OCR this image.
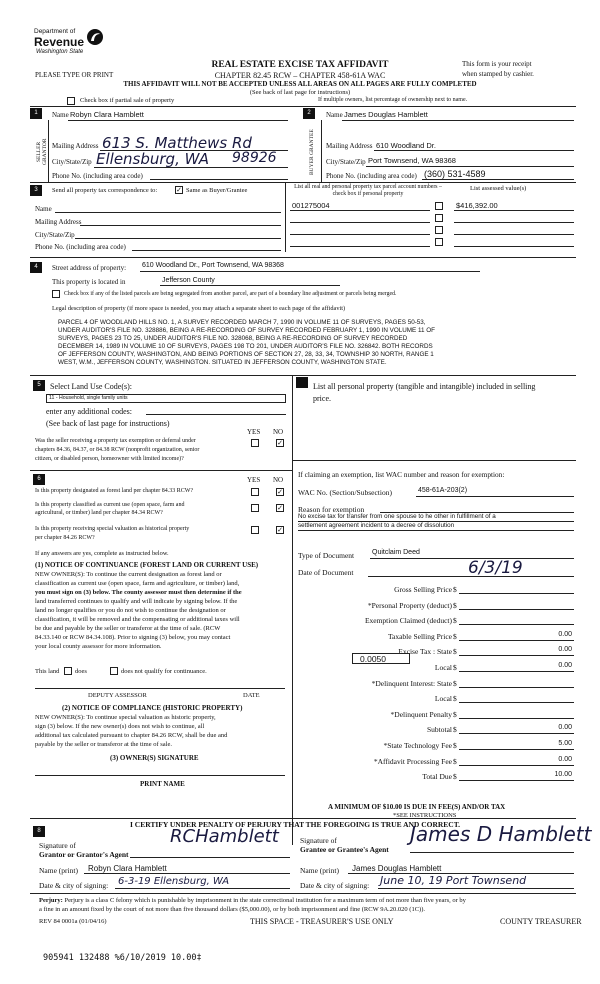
Department of
Revenue
Washington State
REAL ESTATE EXCISE TAX AFFIDAVIT
CHAPTER 82.45 RCW – CHAPTER 458-61A WAC
THIS AFFIDAVIT WILL NOT BE ACCEPTED UNLESS ALL AREAS ON ALL PAGES ARE FULLY COMPLETED
(See back of last page for instructions)
This form is your receipt
when stamped by cashier.
PLEASE TYPE OR PRINT
Check box if partial sale of property	If multiple owners, list percentage of ownership next to name.
1
SELLER GRANTOR
Name Robyn Clara Hamblett
Mailing Address 613 S. Matthews Rd
City/State/Zip Ellensburg, WA 98926
Phone No. (including area code)
2
BUYER GRANTEE
Name James Douglas Hamblett
Mailing Address 610 Woodland Dr.
City/State/Zip Port Townsend, WA 98368
Phone No. (including area code) (360) 531-4589
3	Send all property tax correspondence to:	✓ Same as Buyer/Grantee	List all real and personal property tax parcel account numbers – check box if personal property
List assessed value(s)
Name
Mailing Address
City/State/Zip
Phone No. (including area code)
001275004	$416,392.00
4	Street address of property: 610 Woodland Dr., Port Townsend, WA 98368
This property is located in	Jefferson County
Check box if any of the listed parcels are being segregated from another parcel, are part of a boundary line adjustment or parcels being merged.
Legal description of property (if more space is needed, you may attach a separate sheet to each page of the affidavit)
PARCEL 4 OF WOODLAND HILLS NO. 1, A SURVEY RECORDED MARCH 7, 1990 IN VOLUME 11 OF SURVEYS, PAGES 50-53,
UNDER AUDITOR'S FILE NO. 328886, BEING A RE-RECORDING OF SURVEY RECORDED FEBRUARY 1, 1990 IN VOLUME 11 OF
SURVEYS, PAGES 23 TO 25, UNDER AUDITOR'S FILE NO. 328068, BEING A RE-RECORDING OF SURVEY RECORDED
DECEMBER 14, 1989 IN VOLUME 10 OF SURVEYS, PAGES 198 TO 201, UNDER AUDITOR'S FILE NO. 326842. BOTH RECORDS
OF JEFFERSON COUNTY, WASHINGTON, AND BEING PORTIONS OF SECTION 27, 28, 33, 34, TOWNSHIP 30 NORTH, RANGE 1
WEST, W.M., JEFFERSON COUNTY, WASHINGTON. SITUATED IN JEFFERSON COUNTY, WASHINGTON STATE.
5	Select Land Use Code(s):
11 - Household, single family units
enter any additional codes:
(See back of last page for instructions)
YES NO
Was the seller receiving a property tax exemption or deferral under
chapters 84.36, 84.37, or 84.38 RCW (nonprofit organization, senior
citizen, or disabled person, homeowner with limited income)?
✓
List all personal property (tangible and intangible) included in selling
price.
6	YES NO
Is this property designated as forest land per chapter 84.33 RCW?	✓
Is this property classified as current use (open space, farm and
agricultural, or timber) land per chapter 84.34 RCW?
✓
Is this property receiving special valuation as historical property
per chapter 84.26 RCW?
✓
If any answers are yes, complete as instructed below.
(1) NOTICE OF CONTINUANCE (FOREST LAND OR CURRENT USE)
NEW OWNER(S): To continue the current designation as forest land or
classification as current use (open space, farm and agriculture, or timber) land,
you must sign on (3) below. The county assessor must then determine if the
land transferred continues to qualify and will indicate by signing below. If the
land no longer qualifies or you do not wish to continue the designation or
classification, it will be removed and the compensating or additional taxes will
be due and payable by the seller or transferor at the time of sale. (RCW
84.33.140 or RCW 84.34.108). Prior to signing (3) below, you may contact
your local county assessor for more information.
This land does	does not qualify for continuance.
DEPUTY ASSESSOR	DATE
(2) NOTICE OF COMPLIANCE (HISTORIC PROPERTY)
NEW OWNER(S): To continue special valuation as historic property,
sign (3) below. If the new owner(s) does not wish to continue, all
additional tax calculated pursuant to chapter 84.26 RCW, shall be due and
payable by the seller or transferor at the time of sale.
(3) OWNER(S) SIGNATURE
PRINT NAME
If claiming an exemption, list WAC number and reason for exemption:
WAC No. (Section/Subsection)	458-61A-203(2)
Reason for exemption
No excise tax for transfer from one spouse to he other in fulfillment of a
settlement agreement incident to a decree of dissolution
Type of Document	Quitclaim Deed
Date of Document	6/3/19
Gross Selling Price $
*Personal Property (deduct) $
Exemption Claimed (deduct) $
Taxable Selling Price $	0.00
Excise Tax : State $	0.00
Local $	0.00
*Delinquent Interest: State $
Local $
*Delinquent Penalty $
Subtotal $	0.00
*State Technology Fee $	5.00
*Affidavit Processing Fee $	0.00
Total Due $	10.00
0.0050
A MINIMUM OF $10.00 IS DUE IN FEE(S) AND/OR TAX
*SEE INSTRUCTIONS
8
I CERTIFY UNDER PENALTY OF PERJURY THAT THE FOREGOING IS TRUE AND CORRECT.
Signature of
Grantor or Grantor's Agent
RCHamblett
Name (print) Robyn Clara Hamblett
Date & city of signing: 6-3-19 Ellensburg, WA
Signature of
Grantee or Grantee's Agent
James D Hamblett
Name (print) James Douglas Hamblett
Date & city of signing: June 10, 19 Port Townsend
Perjury: Perjury is a class C felony which is punishable by imprisonment in the state correctional institution for a maximum term of not more than five years, or by
a fine in an amount fixed by the court of not more than five thousand dollars ($5,000.00), or by both imprisonment and fine (RCW 9A.20.020 (1C)).
REV 84 0001a (01/04/16)	THIS SPACE - TREASURER'S USE ONLY	COUNTY TREASURER
905941 132488 %6/10/2019 10.00‡
